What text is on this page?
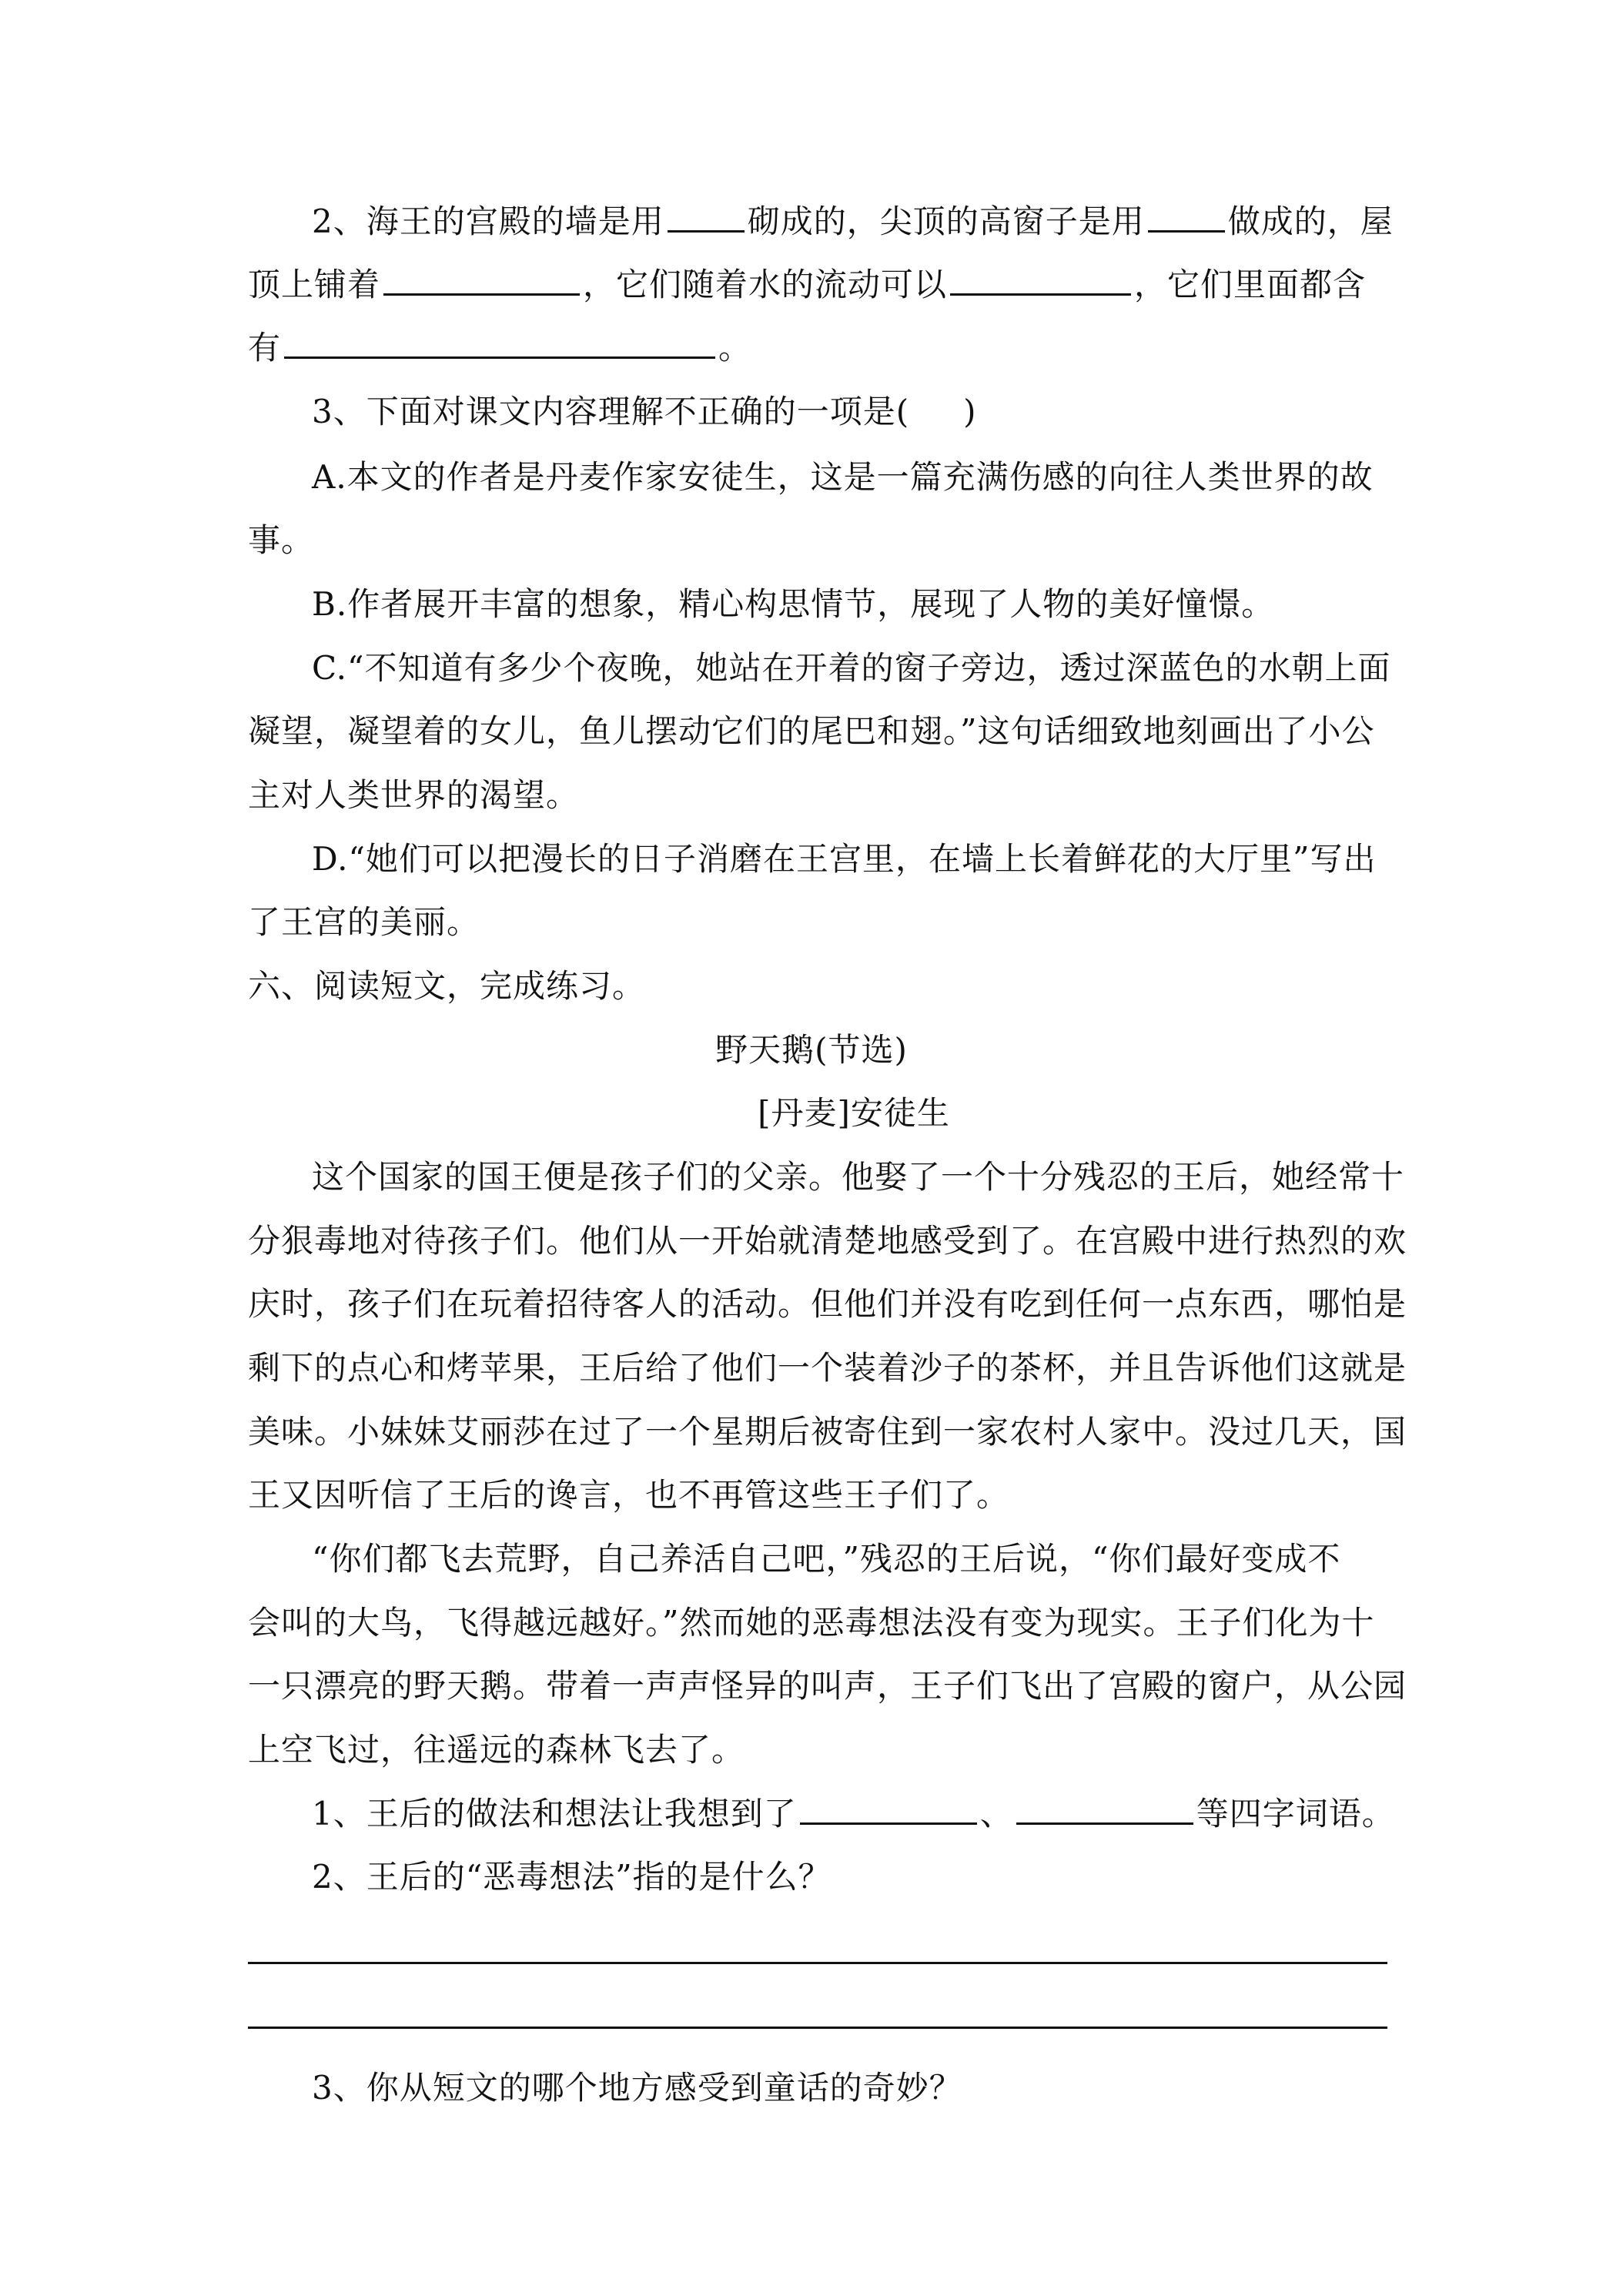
2、海王的宫殿的墙是用	砌成的，尖顶的高窗子是用	做成的，屋
顶上铺着	，它们随着水的流动可以	，它们里面都含
有	。
3、下面对课文内容理解不正确的一项是( )
A.本文的作者是丹麦作家安徒生，这是一篇充满伤感的向往人类世界的故
事。
B.作者展开丰富的想象，精心构思情节，展现了人物的美好憧憬。
C.“不知道有多少个夜晚，她站在开着的窗子旁边，透过深蓝色的水朝上面
凝望，凝望着的女儿，鱼儿摆动它们的尾巴和翅。”这句话细致地刻画出了小公
主对人类世界的渴望。
D.“她们可以把漫长的日子消磨在王宫里，在墙上长着鲜花的大厅里”写出
了王宫的美丽。
六、阅读短文，完成练习。
野天鹅(节选)
[丹麦]安徒生
这个国家的国王便是孩子们的父亲。他娶了一个十分残忍的王后，她经常十
分狠毒地对待孩子们。他们从一开始就清楚地感受到了。在宫殿中进行热烈的欢
庆时，孩子们在玩着招待客人的活动。但他们并没有吃到任何一点东西，哪怕是
剩下的点心和烤苹果，王后给了他们一个装着沙子的茶杯，并且告诉他们这就是
美味。小妹妹艾丽莎在过了一个星期后被寄住到一家农村人家中。没过几天，国
王又因听信了王后的谗言，也不再管这些王子们了。
“你们都飞去荒野，自己养活自己吧，”残忍的王后说，“你们最好变成不
会叫的大鸟，飞得越远越好。”然而她的恶毒想法没有变为现实。王子们化为十
一只漂亮的野天鹅。带着一声声怪异的叫声，王子们飞出了宫殿的窗户，从公园
上空飞过，往遥远的森林飞去了。
1、王后的做法和想法让我想到了	、	等四字词语。
2、王后的“恶毒想法”指的是什么？
3、你从短文的哪个地方感受到童话的奇妙？
